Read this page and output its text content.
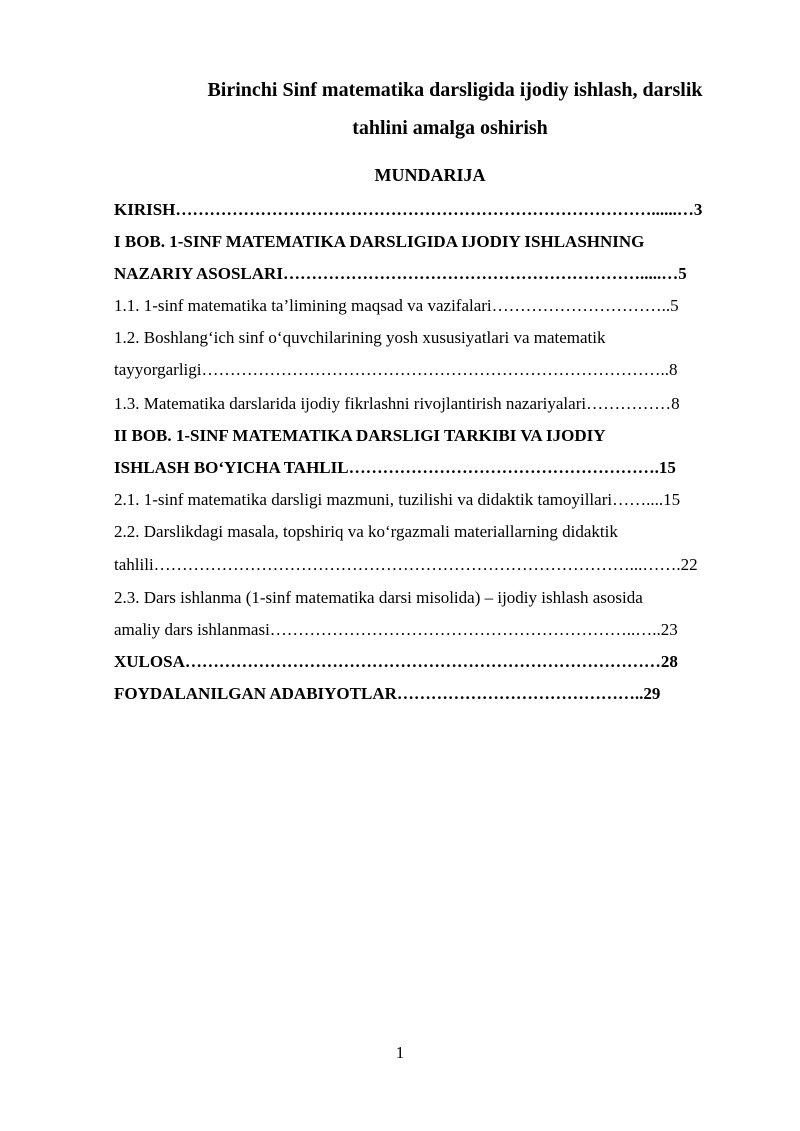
Birinchi Sinf matematika darsligida ijodiy ishlash, darslik
tahlini amalga oshirish
MUNDARIJA
KIRISH…………………………………………………………………………......…3
I BOB. 1-SINF MATEMATIKA DARSLIGIDA IJODIY ISHLASHNING
NAZARIY ASOSLARI……………………………………………………….....…5
1.1. 1-sinf matematika ta’limining maqsad va vazifalari…………………………..5
1.2. Boshlang‘ich sinf o‘quvchilarining yosh xususiyatlari va matematik
tayyorgarligi………………………………………………………………………..8
1.3. Matematika darslarida ijodiy fikrlashni rivojlantirish nazariyalari……………8
II BOB. 1-SINF MATEMATIKA DARSLIGI TARKIBI VA IJODIY
ISHLASH BO‘YICHA TAHLIL……………………………………………….15
2.1. 1-sinf matematika darsligi mazmuni, tuzilishi va didaktik tamoyillari……....15
2.2. Darslikdagi masala, topshiriq va ko‘rgazmali materiallarning didaktik
tahlili…………………………………………………………………………...…….22
2.3. Dars ishlanma (1-sinf matematika darsi misolida) – ijodiy ishlash asosida
amaliy dars ishlanmasi………………………………………………………..…..23
XULOSA…………………………………………………………………………28
FOYDALANILGAN ADABIYOTLAR……………………………………..29
1
